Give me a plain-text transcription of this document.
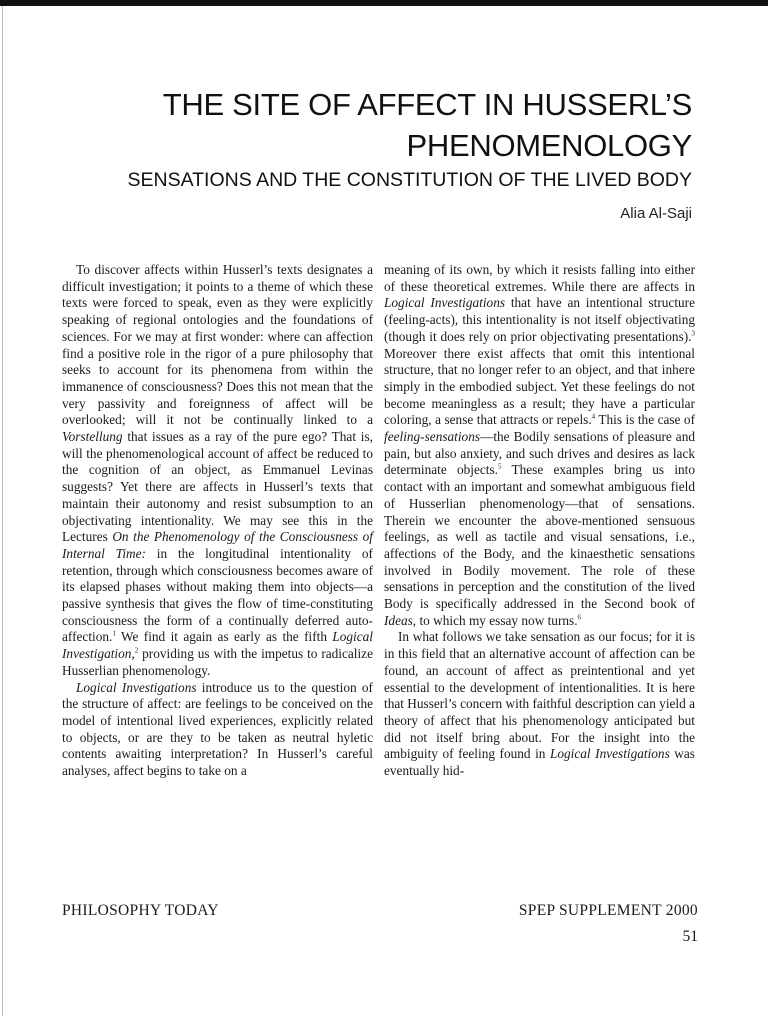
THE SITE OF AFFECT IN HUSSERL’S
PHENOMENOLOGY
SENSATIONS AND THE CONSTITUTION OF THE LIVED BODY
Alia Al-Saji

To discover affects within Husserl’s texts designates a difficult investigation; it points to a theme of which these texts were forced to speak, even as they were explicitly speaking of regional ontologies and the foundations of sciences. For we may at first wonder: where can affection find a positive role in the rigor of a pure philosophy that seeks to account for its phenomena from within the immanence of consciousness? Does this not mean that the very passivity and foreignness of affect will be overlooked; will it not be continually linked to a Vorstellung that issues as a ray of the pure ego? That is, will the phenomenological account of affect be reduced to the cognition of an object, as Emmanuel Levinas suggests? Yet there are affects in Husserl’s texts that maintain their autonomy and resist subsumption to an objectivating intentionality. We may see this in the Lectures On the Phenomenology of the Consciousness of Internal Time: in the longitudinal intentionality of retention, through which consciousness becomes aware of its elapsed phases without making them into objects—a passive synthesis that gives the flow of time-constituting consciousness the form of a continually deferred auto-affection.$^1$ We find it again as early as the fifth Logical Investigation,$^2$ providing us with the impetus to radicalize Husserlian phenomenology.

Logical Investigations introduce us to the question of the structure of affect: are feelings to be conceived on the model of intentional lived experiences, explicitly related to objects, or are they to be taken as neutral hyletic contents awaiting interpretation? In Husserl’s careful analyses, affect begins to take on a

meaning of its own, by which it resists falling into either of these theoretical extremes. While there are affects in Logical Investigations that have an intentional structure (feeling-acts), this intentionality is not itself objectivating (though it does rely on prior objectivating presentations).$^3$ Moreover there exist affects that omit this intentional structure, that no longer refer to an object, and that inhere simply in the embodied subject. Yet these feelings do not become meaningless as a result; they have a particular coloring, a sense that attracts or repels.$^4$ This is the case of feeling-sensations—the Bodily sensations of pleasure and pain, but also anxiety, and such drives and desires as lack determinate objects.$^5$ These examples bring us into contact with an important and somewhat ambiguous field of Husserlian phenomenology—that of sensations. Therein we encounter the above-mentioned sensuous feelings, as well as tactile and visual sensations, i.e., affections of the Body, and the kinaesthetic sensations involved in Bodily movement. The role of these sensations in perception and the constitution of the lived Body is specifically addressed in the Second book of Ideas, to which my essay now turns.$^6$

In what follows we take sensation as our focus; for it is in this field that an alternative account of affection can be found, an account of affect as preintentional and yet essential to the development of intentionalities. It is here that Husserl’s concern with faithful description can yield a theory of affect that his phenomenology anticipated but did not itself bring about. For the insight into the ambiguity of feeling found in Logical Investigations was eventually hid-

PHILOSOPHY TODAY	SPEP SUPPLEMENT 2000
51
